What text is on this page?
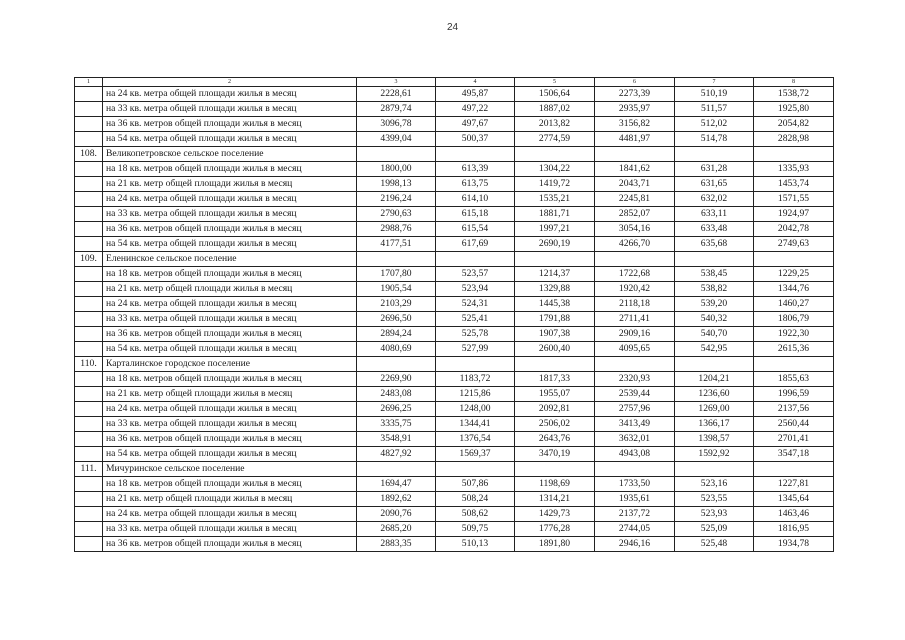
24
1	2	3	4	5	6	7	8
	на 24 кв. метра общей площади жилья в месяц	2228,61	495,87	1506,64	2273,39	510,19	1538,72
	на 33 кв. метра общей площади жилья в месяц	2879,74	497,22	1887,02	2935,97	511,57	1925,80
	на 36 кв. метров общей площади жилья в месяц	3096,78	497,67	2013,82	3156,82	512,02	2054,82
	на 54 кв. метра общей площади жилья в месяц	4399,04	500,37	2774,59	4481,97	514,78	2828,98
108.	Великопетровское сельское поселение						
	на 18 кв. метров общей площади жилья в месяц	1800,00	613,39	1304,22	1841,62	631,28	1335,93
	на 21 кв. метр общей площади жилья в месяц	1998,13	613,75	1419,72	2043,71	631,65	1453,74
	на 24 кв. метра общей площади жилья в месяц	2196,24	614,10	1535,21	2245,81	632,02	1571,55
	на 33 кв. метра общей площади жилья в месяц	2790,63	615,18	1881,71	2852,07	633,11	1924,97
	на 36 кв. метров общей площади жилья в месяц	2988,76	615,54	1997,21	3054,16	633,48	2042,78
	на 54 кв. метра общей площади жилья в месяц	4177,51	617,69	2690,19	4266,70	635,68	2749,63
109.	Еленинское сельское поселение						
	на 18 кв. метров общей площади жилья в месяц	1707,80	523,57	1214,37	1722,68	538,45	1229,25
	на 21 кв. метр общей площади жилья в месяц	1905,54	523,94	1329,88	1920,42	538,82	1344,76
	на 24 кв. метра общей площади жилья в месяц	2103,29	524,31	1445,38	2118,18	539,20	1460,27
	на 33 кв. метра общей площади жилья в месяц	2696,50	525,41	1791,88	2711,41	540,32	1806,79
	на 36 кв. метров общей площади жилья в месяц	2894,24	525,78	1907,38	2909,16	540,70	1922,30
	на 54 кв. метра общей площади жилья в месяц	4080,69	527,99	2600,40	4095,65	542,95	2615,36
110.	Карталинское городское поселение						
	на 18 кв. метров общей площади жилья в месяц	2269,90	1183,72	1817,33	2320,93	1204,21	1855,63
	на 21 кв. метр общей площади жилья в месяц	2483,08	1215,86	1955,07	2539,44	1236,60	1996,59
	на 24 кв. метра общей площади жилья в месяц	2696,25	1248,00	2092,81	2757,96	1269,00	2137,56
	на 33 кв. метра общей площади жилья в месяц	3335,75	1344,41	2506,02	3413,49	1366,17	2560,44
	на 36 кв. метров общей площади жилья в месяц	3548,91	1376,54	2643,76	3632,01	1398,57	2701,41
	на 54 кв. метра общей площади жилья в месяц	4827,92	1569,37	3470,19	4943,08	1592,92	3547,18
111.	Мичуринское сельское поселение						
	на 18 кв. метров общей площади жилья в месяц	1694,47	507,86	1198,69	1733,50	523,16	1227,81
	на 21 кв. метр общей площади жилья в месяц	1892,62	508,24	1314,21	1935,61	523,55	1345,64
	на 24 кв. метра общей площади жилья в месяц	2090,76	508,62	1429,73	2137,72	523,93	1463,46
	на 33 кв. метра общей площади жилья в месяц	2685,20	509,75	1776,28	2744,05	525,09	1816,95
	на 36 кв. метров общей площади жилья в месяц	2883,35	510,13	1891,80	2946,16	525,48	1934,78
